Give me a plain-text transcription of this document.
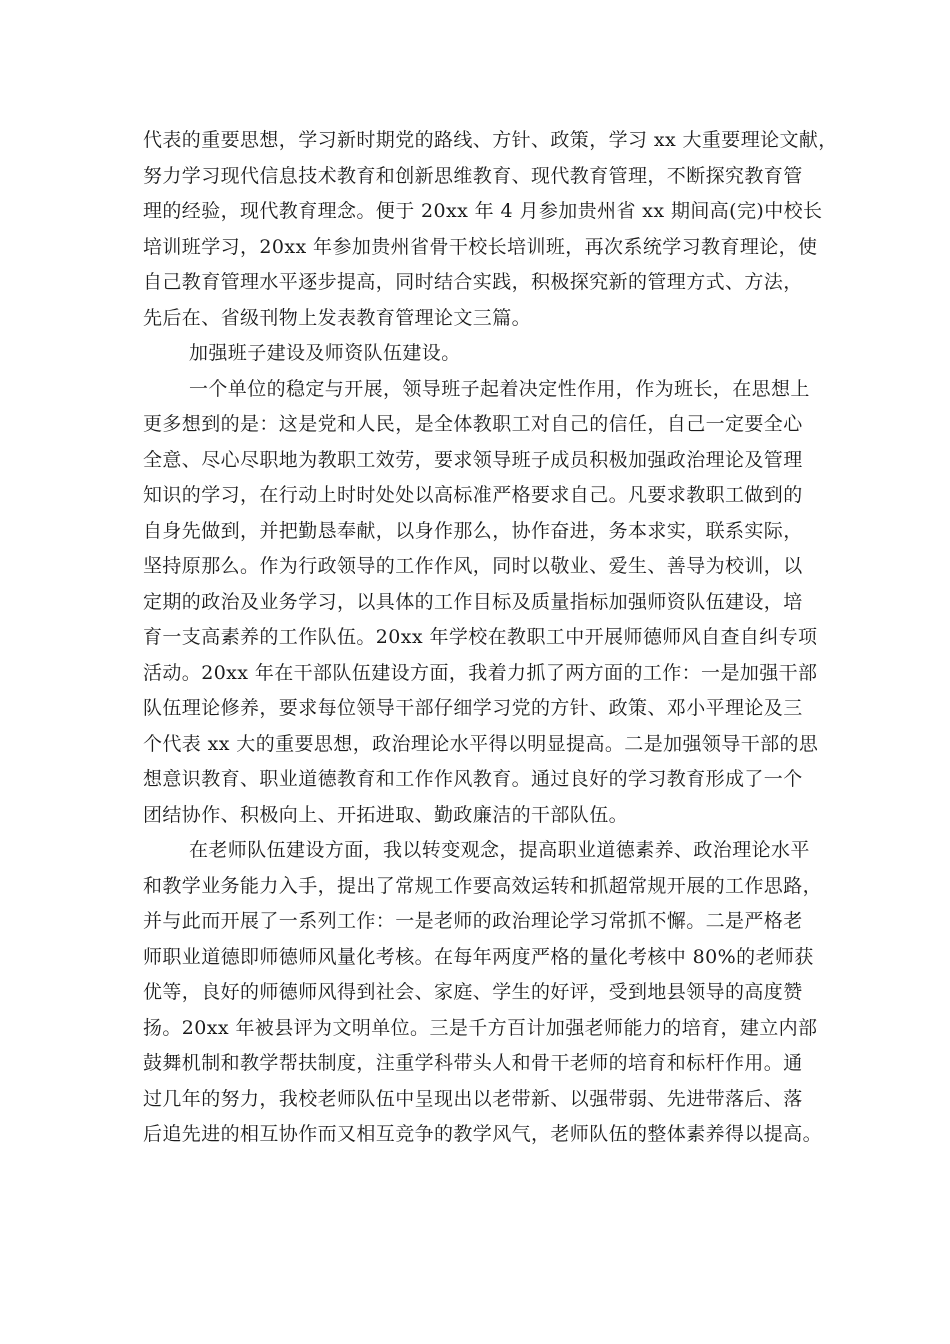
代表的重要思想，学习新时期党的路线、方针、政策，学习 xx 大重要理论文献，
努力学习现代信息技术教育和创新思维教育、现代教育管理，不断探究教育管
理的经验，现代教育理念。便于 20xx 年 4 月参加贵州省 xx 期间高(完)中校长
培训班学习，20xx 年参加贵州省骨干校长培训班，再次系统学习教育理论，使
自己教育管理水平逐步提高，同时结合实践，积极探究新的管理方式、方法，
先后在、省级刊物上发表教育管理论文三篇。
加强班子建设及师资队伍建设。
一个单位的稳定与开展，领导班子起着决定性作用，作为班长，在思想上
更多想到的是：这是党和人民，是全体教职工对自己的信任，自己一定要全心
全意、尽心尽职地为教职工效劳，要求领导班子成员积极加强政治理论及管理
知识的学习，在行动上时时处处以高标准严格要求自己。凡要求教职工做到的
自身先做到，并把勤恳奉献，以身作那么，协作奋进，务本求实，联系实际，
坚持原那么。作为行政领导的工作作风，同时以敬业、爱生、善导为校训，以
定期的政治及业务学习，以具体的工作目标及质量指标加强师资队伍建设，培
育一支高素养的工作队伍。20xx 年学校在教职工中开展师德师风自查自纠专项
活动。20xx 年在干部队伍建设方面，我着力抓了两方面的工作：一是加强干部
队伍理论修养，要求每位领导干部仔细学习党的方针、政策、邓小平理论及三
个代表 xx 大的重要思想，政治理论水平得以明显提高。二是加强领导干部的思
想意识教育、职业道德教育和工作作风教育。通过良好的学习教育形成了一个
团结协作、积极向上、开拓进取、勤政廉洁的干部队伍。
在老师队伍建设方面，我以转变观念，提高职业道德素养、政治理论水平
和教学业务能力入手，提出了常规工作要高效运转和抓超常规开展的工作思路，
并与此而开展了一系列工作：一是老师的政治理论学习常抓不懈。二是严格老
师职业道德即师德师风量化考核。在每年两度严格的量化考核中 80%的老师获
优等，良好的师德师风得到社会、家庭、学生的好评，受到地县领导的高度赞
扬。20xx 年被县评为文明单位。三是千方百计加强老师能力的培育，建立内部
鼓舞机制和教学帮扶制度，注重学科带头人和骨干老师的培育和标杆作用。通
过几年的努力，我校老师队伍中呈现出以老带新、以强带弱、先进带落后、落
后追先进的相互协作而又相互竞争的教学风气，老师队伍的整体素养得以提高。
